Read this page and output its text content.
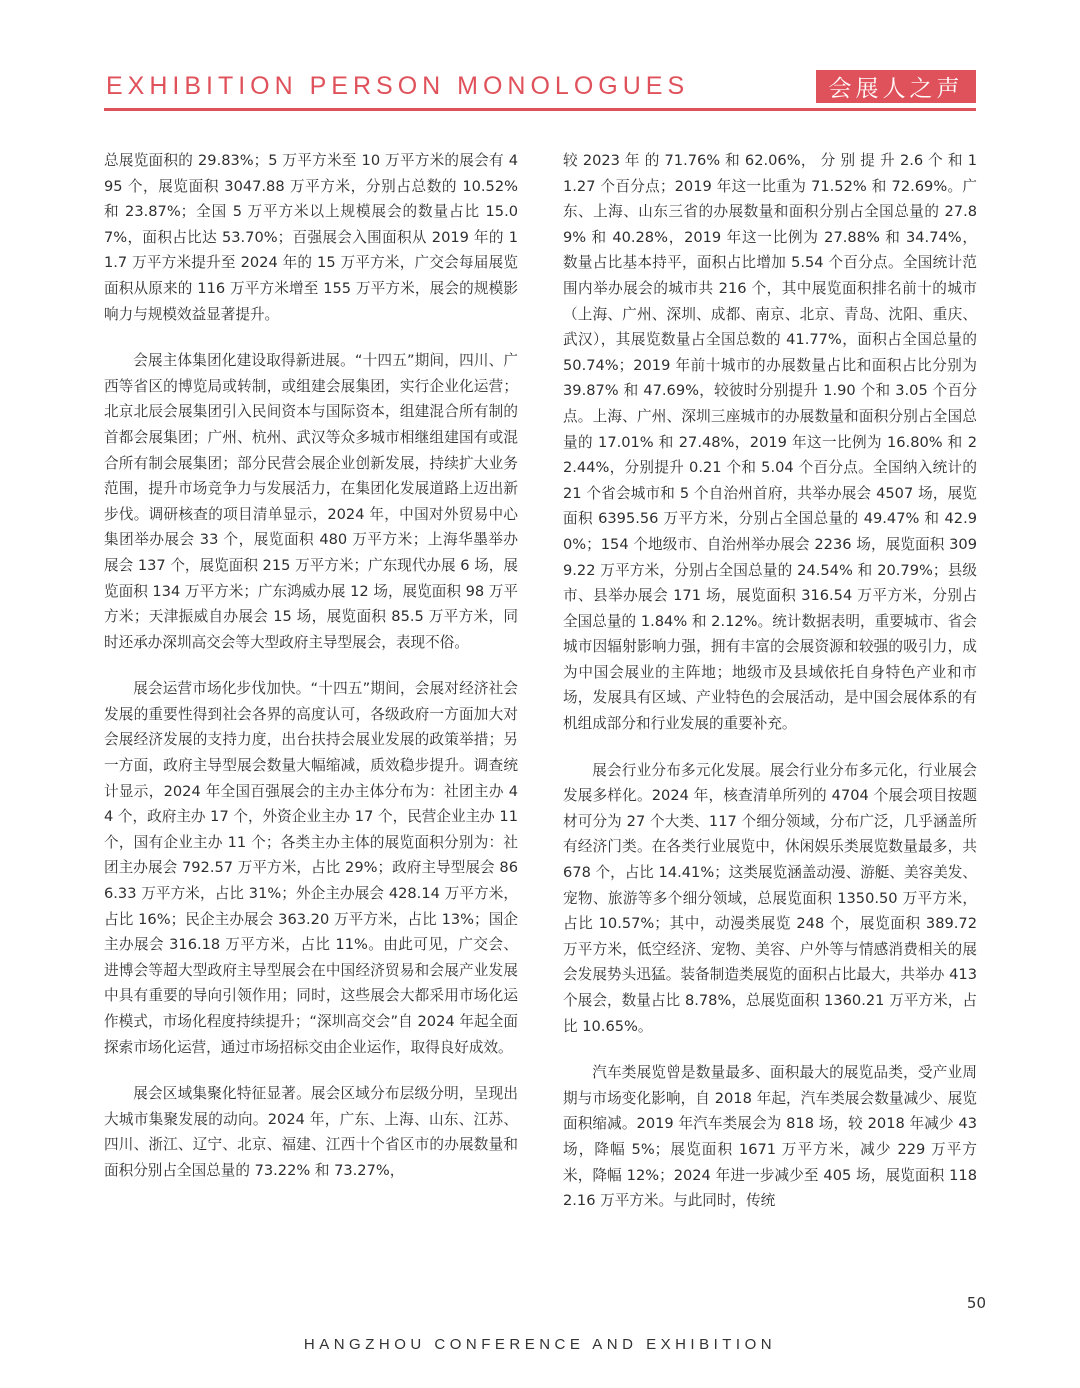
EXHIBITION PERSON MONOLOGUES	会展人之声

总展览面积的 29.83%；5 万平方米至 10 万平方米的展会有 495 个，展览面积 3047.88 万平方米，分别占总数的 10.52% 和 23.87%；全国 5 万平方米以上规模展会的数量占比 15.07%，面积占比达 53.70%；百强展会入围面积从 2019 年的 11.7 万平方米提升至 2024 年的 15 万平方米，广交会每届展览面积从原来的 116 万平方米增至 155 万平方米，展会的规模影响力与规模效益显著提升。

会展主体集团化建设取得新进展。“十四五”期间，四川、广西等省区的博览局或转制，或组建会展集团，实行企业化运营；北京北辰会展集团引入民间资本与国际资本，组建混合所有制的首都会展集团；广州、杭州、武汉等众多城市相继组建国有或混合所有制会展集团；部分民营会展企业创新发展，持续扩大业务范围，提升市场竞争力与发展活力，在集团化发展道路上迈出新步伐。调研核查的项目清单显示，2024 年，中国对外贸易中心集团举办展会 33 个，展览面积 480 万平方米；上海华墨举办展会 137 个，展览面积 215 万平方米；广东现代办展 6 场，展览面积 134 万平方米；广东鸿威办展 12 场，展览面积 98 万平方米；天津振威自办展会 15 场，展览面积 85.5 万平方米，同时还承办深圳高交会等大型政府主导型展会，表现不俗。

展会运营市场化步伐加快。“十四五”期间，会展对经济社会发展的重要性得到社会各界的高度认可，各级政府一方面加大对会展经济发展的支持力度，出台扶持会展业发展的政策举措；另一方面，政府主导型展会数量大幅缩减，质效稳步提升。调查统计显示，2024 年全国百强展会的主办主体分布为：社团主办 44 个，政府主办 17 个，外资企业主办 17 个，民营企业主办 11 个，国有企业主办 11 个；各类主办主体的展览面积分别为：社团主办展会 792.57 万平方米，占比 29%；政府主导型展会 866.33 万平方米，占比 31%；外企主办展会 428.14 万平方米，占比 16%；民企主办展会 363.20 万平方米，占比 13%；国企主办展会 316.18 万平方米，占比 11%。由此可见，广交会、进博会等超大型政府主导型展会在中国经济贸易和会展产业发展中具有重要的导向引领作用；同时，这些展会大都采用市场化运作模式，市场化程度持续提升；“深圳高交会”自 2024 年起全面探索市场化运营，通过市场招标交由企业运作，取得良好成效。

展会区域集聚化特征显著。展会区域分布层级分明，呈现出大城市集聚发展的动向。2024 年，广东、上海、山东、江苏、四川、浙江、辽宁、北京、福建、江西十个省区市的办展数量和面积分别占全国总量的 73.22% 和 73.27%，

较 2023 年 的 71.76% 和 62.06%， 分 别 提 升 2.6 个 和 11.27 个百分点；2019 年这一比重为 71.52% 和 72.69%。广东、上海、山东三省的办展数量和面积分别占全国总量的 27.89% 和 40.28%，2019 年这一比例为 27.88% 和 34.74%，数量占比基本持平，面积占比增加 5.54 个百分点。全国统计范围内举办展会的城市共 216 个，其中展览面积排名前十的城市（上海、广州、深圳、成都、南京、北京、青岛、沈阳、重庆、武汉），其展览数量占全国总数的 41.77%，面积占全国总量的 50.74%；2019 年前十城市的办展数量占比和面积占比分别为 39.87% 和 47.69%，较彼时分别提升 1.90 个和 3.05 个百分点。上海、广州、深圳三座城市的办展数量和面积分别占全国总量的 17.01% 和 27.48%，2019 年这一比例为 16.80% 和 22.44%，分别提升 0.21 个和 5.04 个百分点。全国纳入统计的 21 个省会城市和 5 个自治州首府，共举办展会 4507 场，展览面积 6395.56 万平方米，分别占全国总量的 49.47% 和 42.90%；154 个地级市、自治州举办展会 2236 场，展览面积 3099.22 万平方米，分别占全国总量的 24.54% 和 20.79%；县级市、县举办展会 171 场，展览面积 316.54 万平方米，分别占全国总量的 1.84% 和 2.12%。统计数据表明，重要城市、省会城市因辐射影响力强，拥有丰富的会展资源和较强的吸引力，成为中国会展业的主阵地；地级市及县域依托自身特色产业和市场，发展具有区域、产业特色的会展活动，是中国会展体系的有机组成部分和行业发展的重要补充。

展会行业分布多元化发展。展会行业分布多元化，行业展会发展多样化。2024 年，核查清单所列的 4704 个展会项目按题材可分为 27 个大类、117 个细分领域，分布广泛，几乎涵盖所有经济门类。在各类行业展览中，休闲娱乐类展览数量最多，共 678 个，占比 14.41%；这类展览涵盖动漫、游艇、美容美发、宠物、旅游等多个细分领域，总展览面积 1350.50 万平方米，占比 10.57%；其中，动漫类展览 248 个，展览面积 389.72 万平方米，低空经济、宠物、美容、户外等与情感消费相关的展会发展势头迅猛。装备制造类展览的面积占比最大，共举办 413 个展会，数量占比 8.78%，总展览面积 1360.21 万平方米，占比 10.65%。

汽车类展览曾是数量最多、面积最大的展览品类，受产业周期与市场变化影响，自 2018 年起，汽车类展会数量减少、展览面积缩减。2019 年汽车类展会为 818 场，较 2018 年减少 43 场，降幅 5%；展览面积 1671 万平方米，减少 229 万平方米，降幅 12%；2024 年进一步减少至 405 场，展览面积 1182.16 万平方米。与此同时，传统

50
HANGZHOU CONFERENCE AND EXHIBITION
